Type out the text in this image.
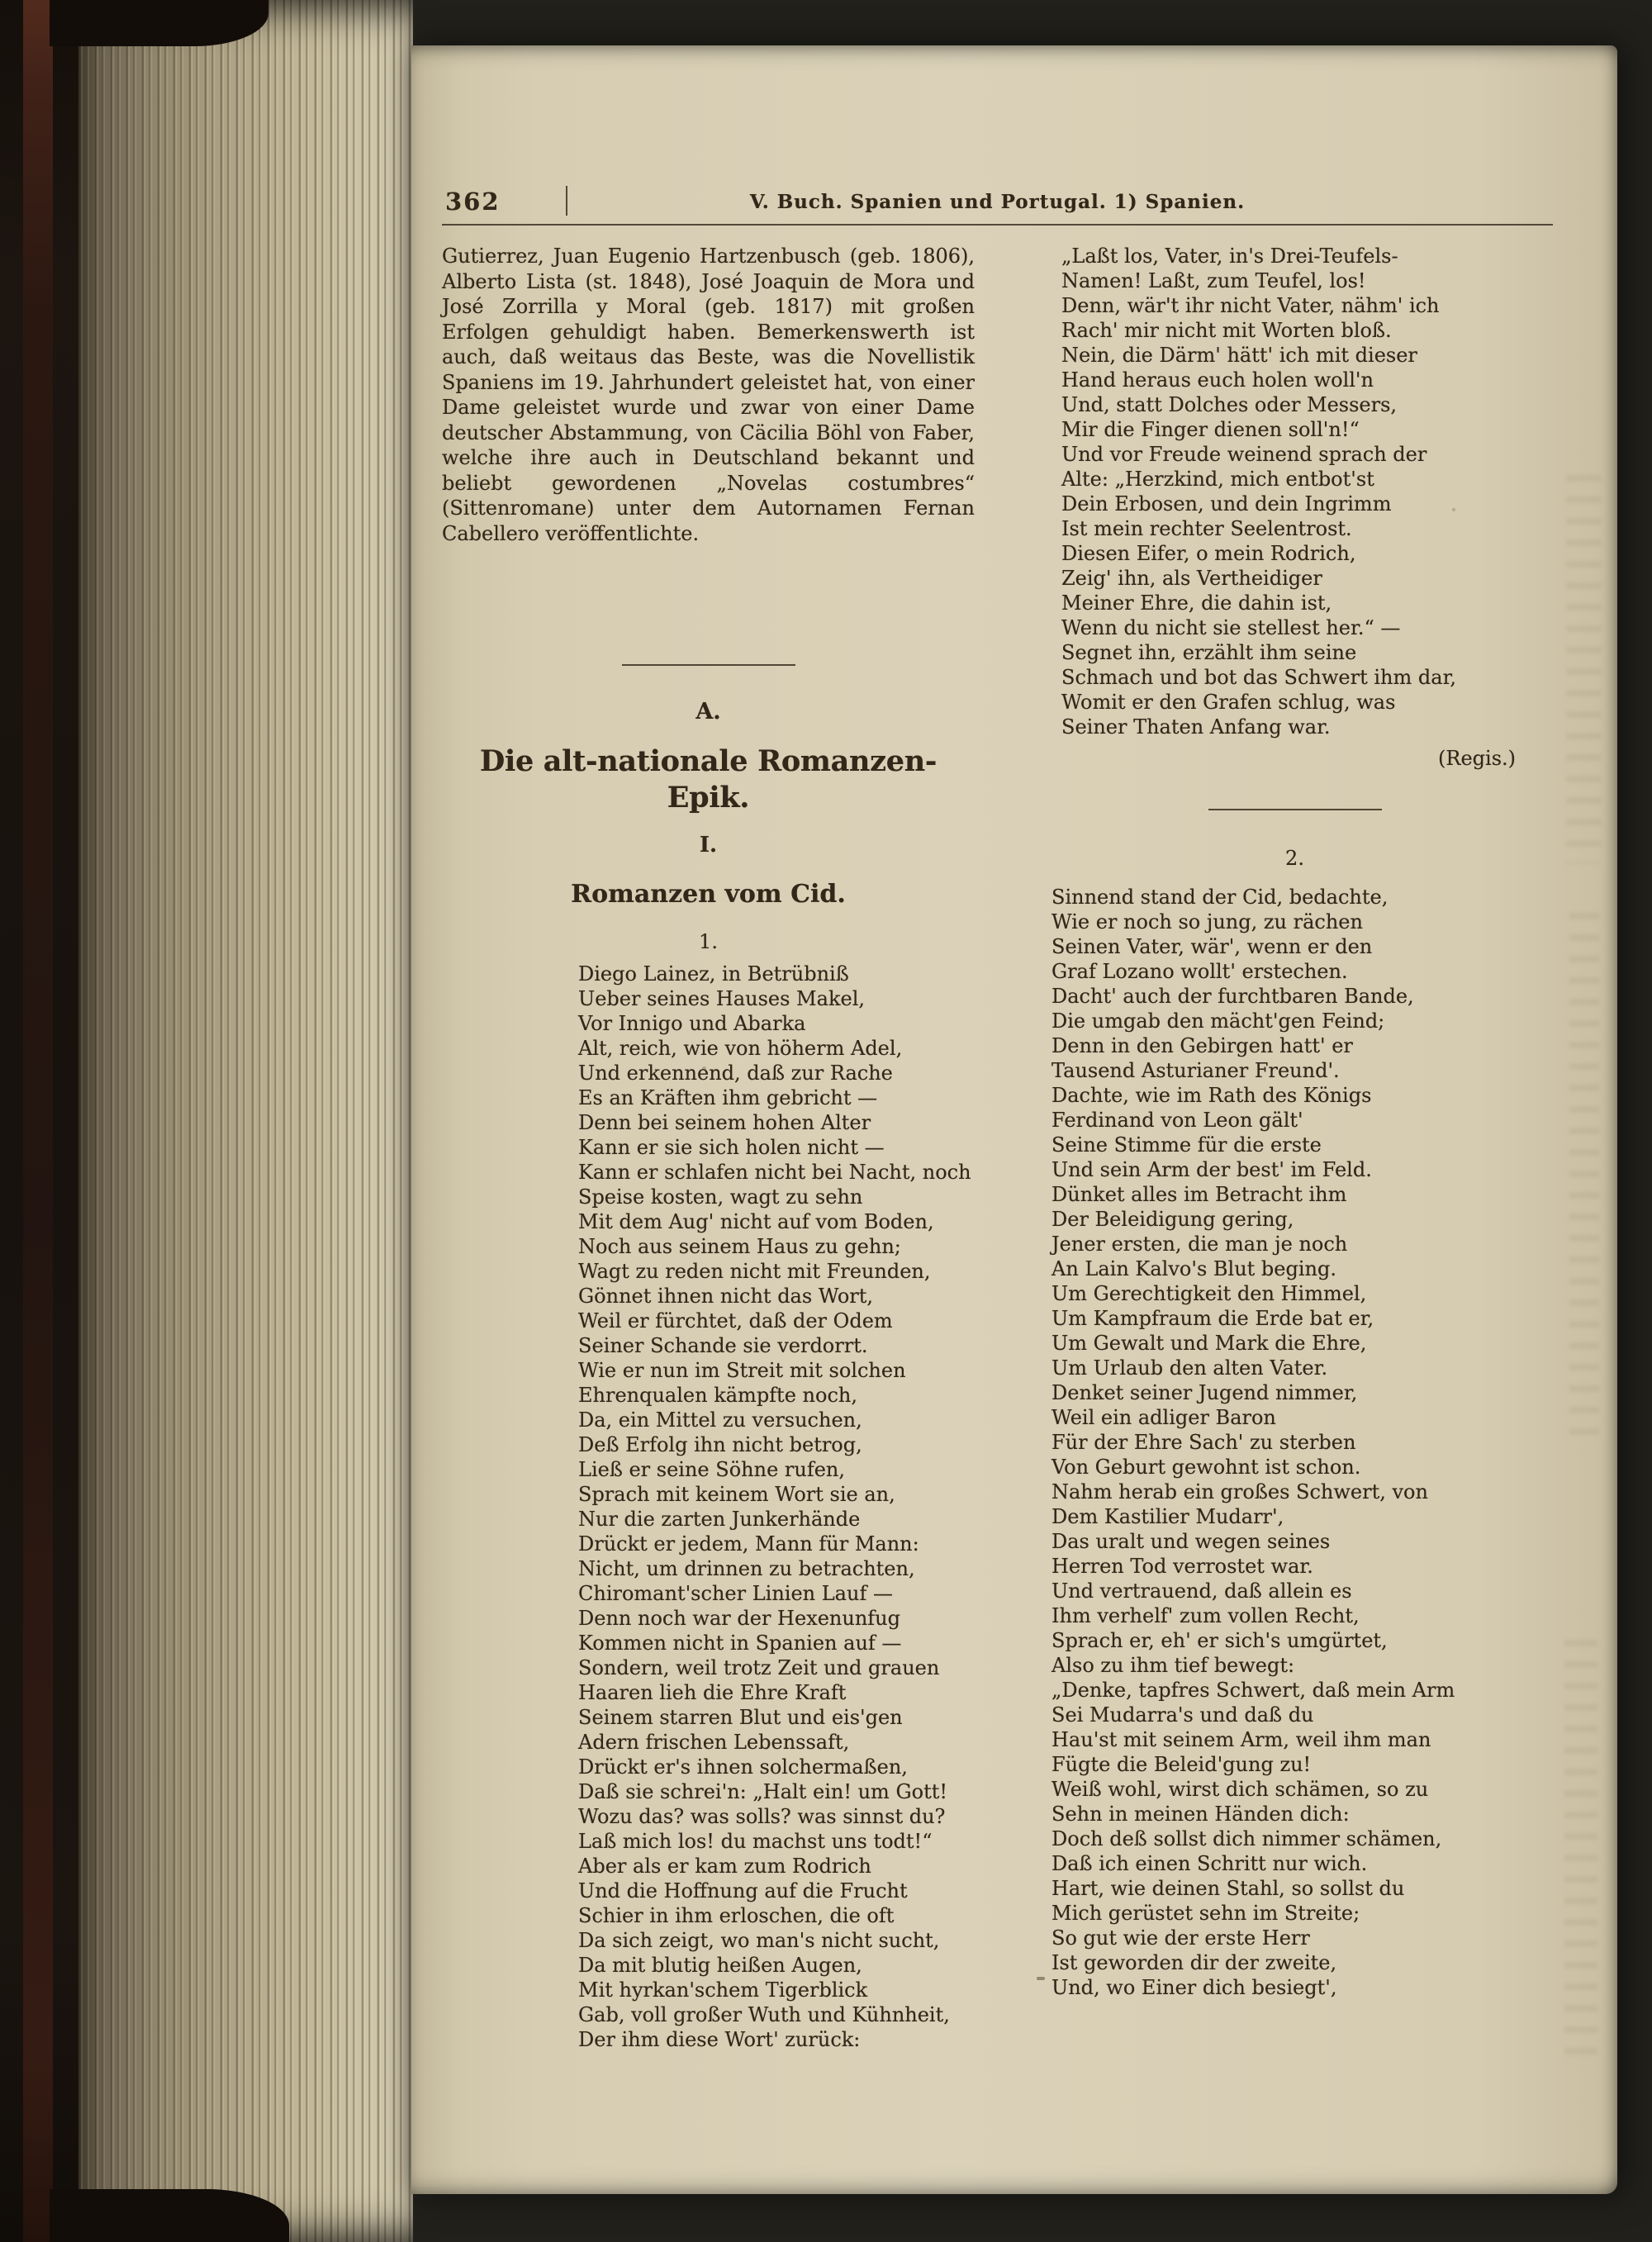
362	V. Buch. Spanien und Portugal. 1) Spanien.

Gutierrez, Juan Eugenio Hartzenbusch (geb. 1806), Alberto Lista (st. 1848), José Joaquin de Mora und José Zorrilla y Moral (geb. 1817) mit großen Erfolgen gehuldigt haben. Bemerkenswerth ist auch, daß weitaus das Beste, was die Novellistik Spaniens im 19. Jahrhundert geleistet hat, von einer Dame geleistet wurde und zwar von einer Dame deutscher Abstammung, von Cäcilia Böhl von Faber, welche ihre auch in Deutschland bekannt und beliebt gewordenen „Novelas costumbres“ (Sittenromane) unter dem Autornamen Fernan Cabellero veröffentlichte.

A.
Die alt-nationale Romanzen-Epik.
I.
Romanzen vom Cid.
1.
Diego Lainez, in Betrübniß
Ueber seines Hauses Makel,
Vor Innigo und Abarka
Alt, reich, wie von höherm Adel,
Und erkennend, daß zur Rache
Es an Kräften ihm gebricht —
Denn bei seinem hohen Alter
Kann er sie sich holen nicht —
Kann er schlafen nicht bei Nacht, noch
Speise kosten, wagt zu sehn
Mit dem Aug' nicht auf vom Boden,
Noch aus seinem Haus zu gehn;
Wagt zu reden nicht mit Freunden,
Gönnet ihnen nicht das Wort,
Weil er fürchtet, daß der Odem
Seiner Schande sie verdorrt.
Wie er nun im Streit mit solchen
Ehrenqualen kämpfte noch,
Da, ein Mittel zu versuchen,
Deß Erfolg ihn nicht betrog,
Ließ er seine Söhne rufen,
Sprach mit keinem Wort sie an,
Nur die zarten Junkerhände
Drückt er jedem, Mann für Mann:
Nicht, um drinnen zu betrachten,
Chiromant'scher Linien Lauf —
Denn noch war der Hexenunfug
Kommen nicht in Spanien auf —
Sondern, weil trotz Zeit und grauen
Haaren lieh die Ehre Kraft
Seinem starren Blut und eis'gen
Adern frischen Lebenssaft,
Drückt er's ihnen solchermaßen,
Daß sie schrei'n: „Halt ein! um Gott!
Wozu das? was solls? was sinnst du?
Laß mich los! du machst uns todt!“
Aber als er kam zum Rodrich
Und die Hoffnung auf die Frucht
Schier in ihm erloschen, die oft
Da sich zeigt, wo man's nicht sucht,
Da mit blutig heißen Augen,
Mit hyrkan'schem Tigerblick
Gab, voll großer Wuth und Kühnheit,
Der ihm diese Wort' zurück:
„Laßt los, Vater, in's Drei-Teufels-
Namen! Laßt, zum Teufel, los!
Denn, wär't ihr nicht Vater, nähm' ich
Rach' mir nicht mit Worten bloß.
Nein, die Därm' hätt' ich mit dieser
Hand heraus euch holen woll'n
Und, statt Dolches oder Messers,
Mir die Finger dienen soll'n!“
Und vor Freude weinend sprach der
Alte: „Herzkind, mich entbot'st
Dein Erbosen, und dein Ingrimm
Ist mein rechter Seelentrost.
Diesen Eifer, o mein Rodrich,
Zeig' ihn, als Vertheidiger
Meiner Ehre, die dahin ist,
Wenn du nicht sie stellest her.“ —
Segnet ihn, erzählt ihm seine
Schmach und bot das Schwert ihm dar,
Womit er den Grafen schlug, was
Seiner Thaten Anfang war.
(Regis.)
2.
Sinnend stand der Cid, bedachte,
Wie er noch so jung, zu rächen
Seinen Vater, wär', wenn er den
Graf Lozano wollt' erstechen.
Dacht' auch der furchtbaren Bande,
Die umgab den mächt'gen Feind;
Denn in den Gebirgen hatt' er
Tausend Asturianer Freund'.
Dachte, wie im Rath des Königs
Ferdinand von Leon gält'
Seine Stimme für die erste
Und sein Arm der best' im Feld.
Dünket alles im Betracht ihm
Der Beleidigung gering,
Jener ersten, die man je noch
An Lain Kalvo's Blut beging.
Um Gerechtigkeit den Himmel,
Um Kampfraum die Erde bat er,
Um Gewalt und Mark die Ehre,
Um Urlaub den alten Vater.
Denket seiner Jugend nimmer,
Weil ein adliger Baron
Für der Ehre Sach' zu sterben
Von Geburt gewohnt ist schon.
Nahm herab ein großes Schwert, von
Dem Kastilier Mudarr',
Das uralt und wegen seines
Herren Tod verrostet war.
Und vertrauend, daß allein es
Ihm verhelf' zum vollen Recht,
Sprach er, eh' er sich's umgürtet,
Also zu ihm tief bewegt:
„Denke, tapfres Schwert, daß mein Arm
Sei Mudarra's und daß du
Hau'st mit seinem Arm, weil ihm man
Fügte die Beleid'gung zu!
Weiß wohl, wirst dich schämen, so zu
Sehn in meinen Händen dich:
Doch deß sollst dich nimmer schämen,
Daß ich einen Schritt nur wich.
Hart, wie deinen Stahl, so sollst du
Mich gerüstet sehn im Streite;
So gut wie der erste Herr
Ist geworden dir der zweite,
Und, wo Einer dich besiegt',
